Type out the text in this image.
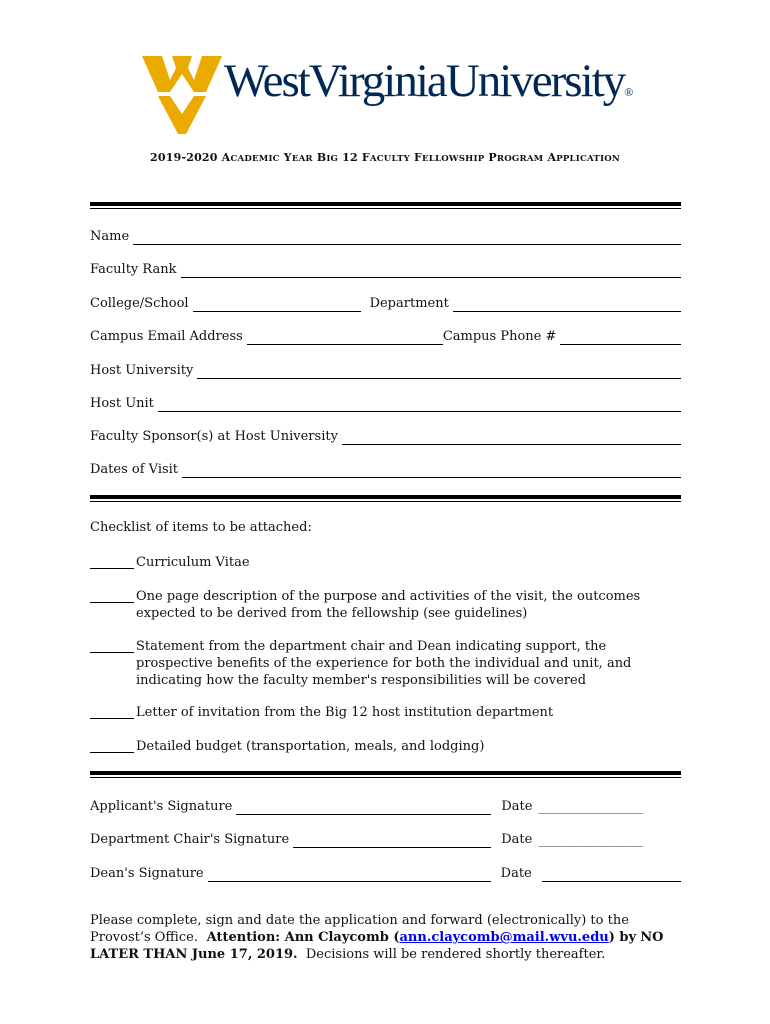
WestVirginiaUniversity®
2019-2020 ACADEMIC YEAR BIG 12 FACULTY FELLOWSHIP PROGRAM APPLICATION
Name
Faculty Rank
College/School	Department
Campus Email Address	Campus Phone #
Host University
Host Unit
Faculty Sponsor(s) at Host University
Dates of Visit
Checklist of items to be attached:
Curriculum Vitae
One page description of the purpose and activities of the visit, the outcomes expected to be derived from the fellowship (see guidelines)
Statement from the department chair and Dean indicating support, the prospective benefits of the experience for both the individual and unit, and indicating how the faculty member's responsibilities will be covered
Letter of invitation from the Big 12 host institution department
Detailed budget (transportation, meals, and lodging)
Applicant's Signature	Date ___________________
Department Chair's Signature	Date ___________________
Dean's Signature	Date
Please complete, sign and date the application and forward (electronically) to the Provost’s Office. Attention: Ann Claycomb (ann.claycomb@mail.wvu.edu) by NO LATER THAN June 17, 2019. Decisions will be rendered shortly thereafter.
